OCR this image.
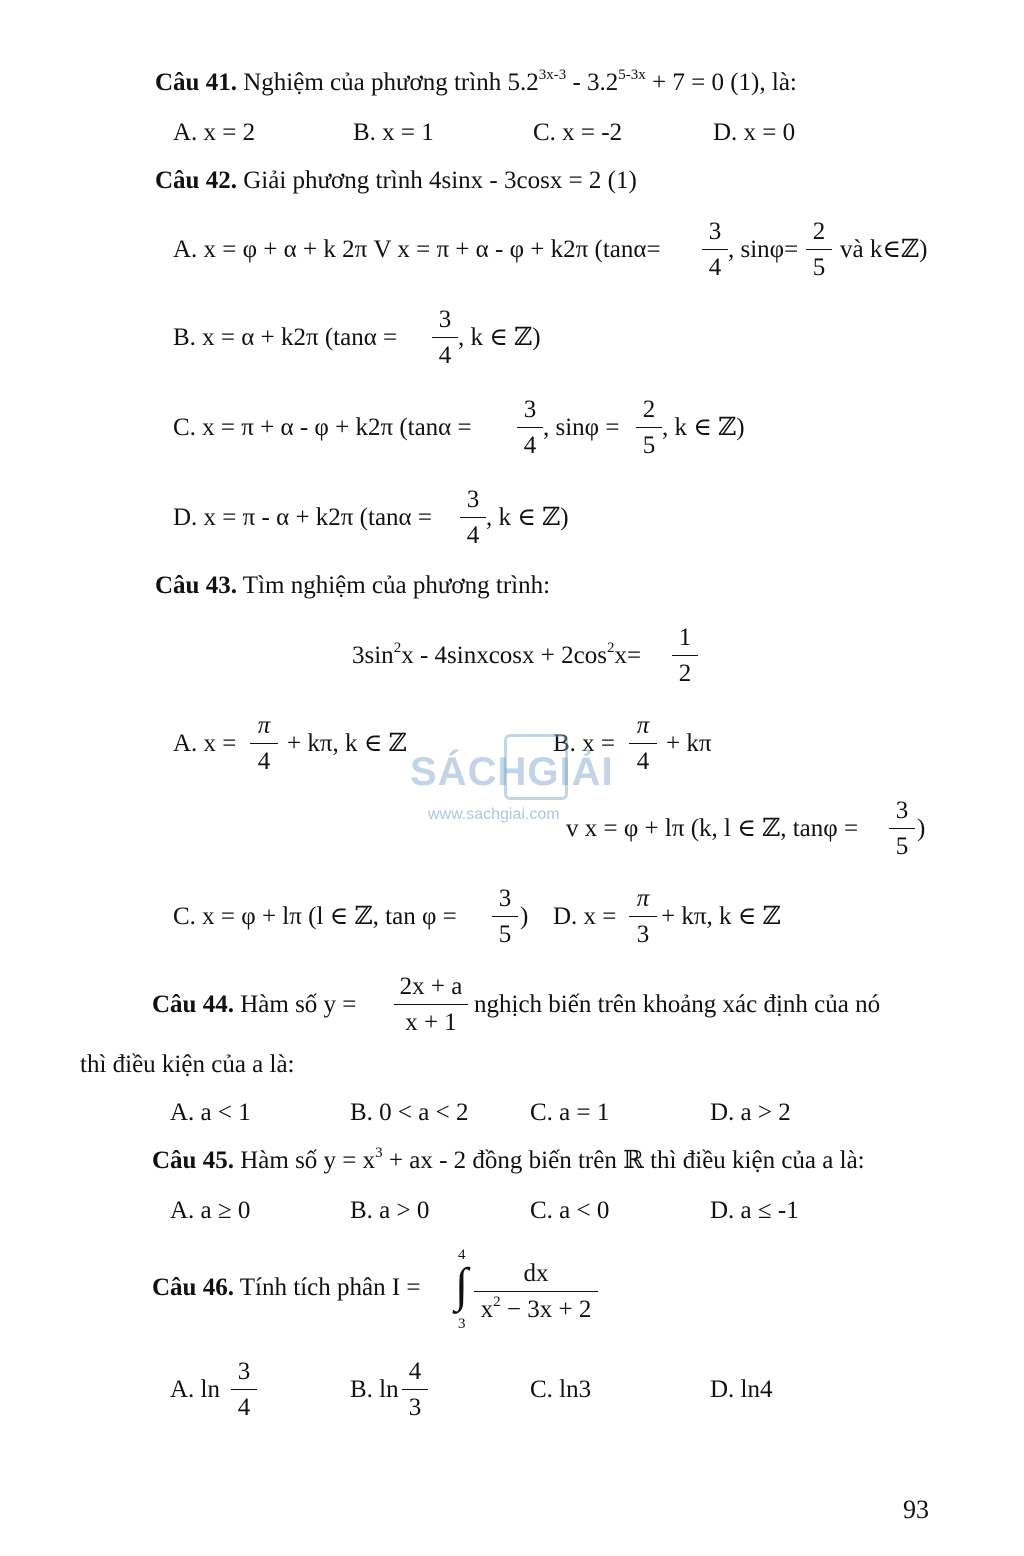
Câu 41. Nghiệm của phương trình $5.2^{3x-3} - 3.2^{5-3x} + 7 = 0$ (1), là:
A. x = 2	B. x = 1	C. x = -2	D. x = 0
Câu 42. Giải phương trình 4sinx - 3cosx = 2 (1)
A. x = φ + α + k 2π V x = π + α - φ + k2π (tanα=
3
4
, sinφ=
2
5
và k∈ℤ)
B. x = α + k2π (tanα =
3
4
, k ∈ ℤ)
C. x = π + α - φ + k2π (tanα =
3
4
, sinφ =
2
5
, k ∈ ℤ)
D. x = π - α + k2π (tanα =
3
4
, k ∈ ℤ)
Câu 43. Tìm nghiệm của phương trình:
$3\sin^2x$ - 4sinxcosx + $2\cos^2x=$
1
2
A. x =
π
4
+ kπ, k ∈ ℤ	B. x =
π
4
+ kπ
v x = φ + lπ (k, l ∈ ℤ, tanφ =
3
5
)
C. x = φ + lπ (l ∈ ℤ, tan φ =
3
5
) D. x =
π
3
+ kπ, k ∈ ℤ
Câu 44. Hàm số y =
2x + a
x + 1
nghịch biến trên khoảng xác định của nó
thì điều kiện của a là:
A. a < 1	B. 0 < a < 2 C. a = 1	D. a > 2
Câu 45. Hàm số $y = x^3$ + ax - 2 đồng biến trên ℝ thì điều kiện của a là:
A. a ≥ 0	B. a > 0	C. a < 0	D. a ≤ -1
Câu 46. Tính tích phân I = ∫
4
3
dx
$x^2 - 3x + 2$
A. ln
3
4
B. ln
4
3
C. ln3	D. ln4
SÁCHGIẢI
www.sachgiai.com
93
